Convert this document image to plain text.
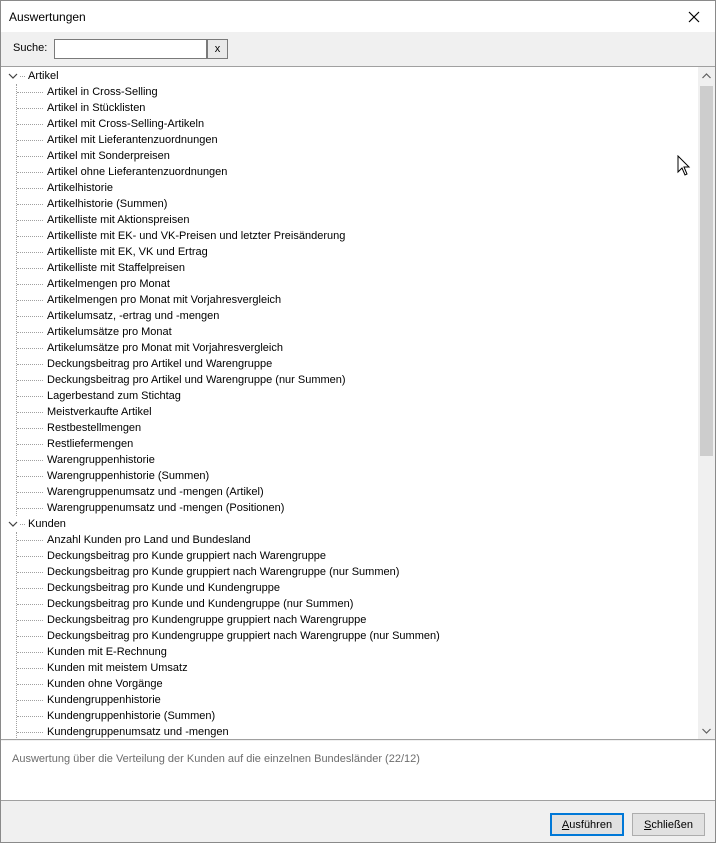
Auswertungen
Suche:	x
Artikel
Artikel in Cross-Selling
Artikel in Stücklisten
Artikel mit Cross-Selling-Artikeln
Artikel mit Lieferantenzuordnungen
Artikel mit Sonderpreisen
Artikel ohne Lieferantenzuordnungen
Artikelhistorie
Artikelhistorie (Summen)
Artikelliste mit Aktionspreisen
Artikelliste mit EK- und VK-Preisen und letzter Preisänderung
Artikelliste mit EK, VK und Ertrag
Artikelliste mit Staffelpreisen
Artikelmengen pro Monat
Artikelmengen pro Monat mit Vorjahresvergleich
Artikelumsatz, -ertrag und -mengen
Artikelumsätze pro Monat
Artikelumsätze pro Monat mit Vorjahresvergleich
Deckungsbeitrag pro Artikel und Warengruppe
Deckungsbeitrag pro Artikel und Warengruppe (nur Summen)
Lagerbestand zum Stichtag
Meistverkaufte Artikel
Restbestellmengen
Restliefermengen
Warengruppenhistorie
Warengruppenhistorie (Summen)
Warengruppenumsatz und -mengen (Artikel)
Warengruppenumsatz und -mengen (Positionen)
Kunden
Anzahl Kunden pro Land und Bundesland
Deckungsbeitrag pro Kunde gruppiert nach Warengruppe
Deckungsbeitrag pro Kunde gruppiert nach Warengruppe (nur Summen)
Deckungsbeitrag pro Kunde und Kundengruppe
Deckungsbeitrag pro Kunde und Kundengruppe (nur Summen)
Deckungsbeitrag pro Kundengruppe gruppiert nach Warengruppe
Deckungsbeitrag pro Kundengruppe gruppiert nach Warengruppe (nur Summen)
Kunden mit E-Rechnung
Kunden mit meistem Umsatz
Kunden ohne Vorgänge
Kundengruppenhistorie
Kundengruppenhistorie (Summen)
Kundengruppenumsatz und -mengen
Auswertung über die Verteilung der Kunden auf die einzelnen Bundesländer (22/12)
A usführen	S chließen
